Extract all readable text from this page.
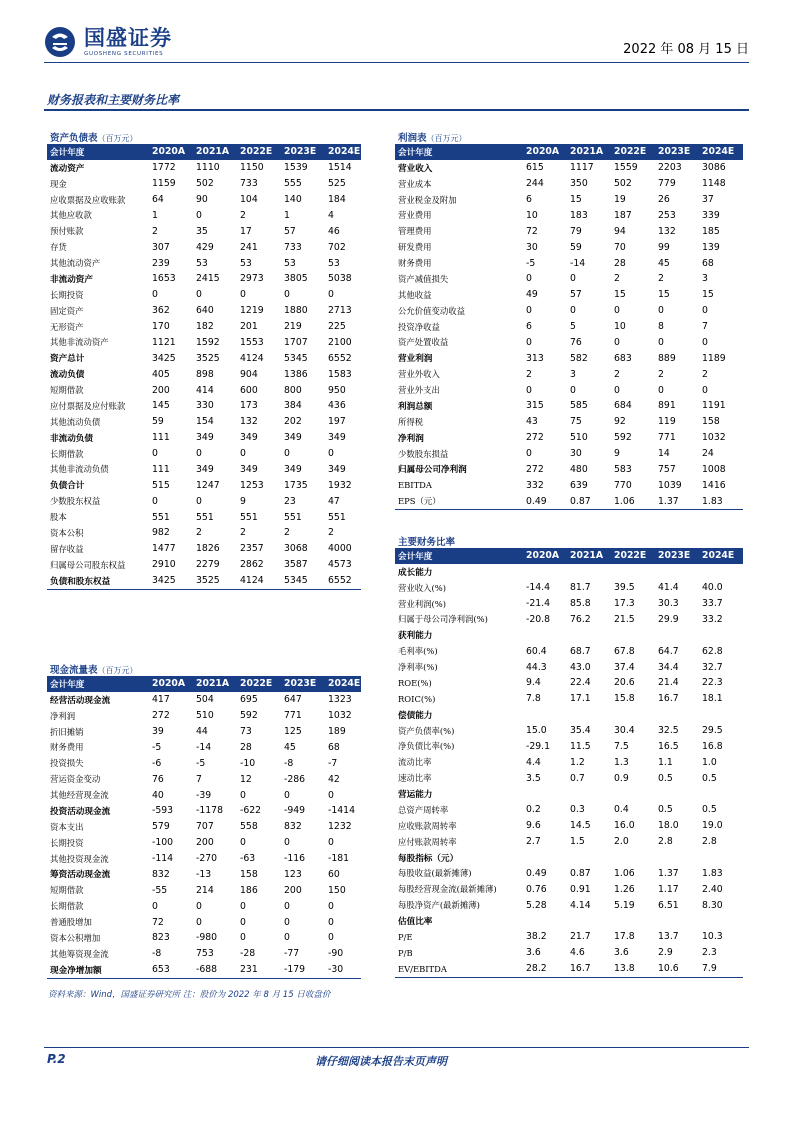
国盛证券
GUOSHENG SECURITIES	2022 年 08 月 15 日
财务报表和主要财务比率
资产负债表（百万元）
会计年度	2020A	2021A	2022E	2023E	2024E
流动资产	1772	1110	1150	1539	1514
现金	1159	502	733	555	525
应收票据及应收账款	64	90	104	140	184
其他应收款	1	0	2	1	4
预付账款	2	35	17	57	46
存货	307	429	241	733	702
其他流动资产	239	53	53	53	53
非流动资产	1653	2415	2973	3805	5038
长期投资	0	0	0	0	0
固定资产	362	640	1219	1880	2713
无形资产	170	182	201	219	225
其他非流动资产	1121	1592	1553	1707	2100
资产总计	3425	3525	4124	5345	6552
流动负债	405	898	904	1386	1583
短期借款	200	414	600	800	950
应付票据及应付账款	145	330	173	384	436
其他流动负债	59	154	132	202	197
非流动负债	111	349	349	349	349
长期借款	0	0	0	0	0
其他非流动负债	111	349	349	349	349
负债合计	515	1247	1253	1735	1932
少数股东权益	0	0	9	23	47
股本	551	551	551	551	551
资本公积	982	2	2	2	2
留存收益	1477	1826	2357	3068	4000
归属母公司股东权益	2910	2279	2862	3587	4573
负债和股东权益	3425	3525	4124	5345	6552
利润表（百万元）
会计年度	2020A	2021A	2022E	2023E	2024E
营业收入	615	1117	1559	2203	3086
营业成本	244	350	502	779	1148
营业税金及附加	6	15	19	26	37
营业费用	10	183	187	253	339
管理费用	72	79	94	132	185
研发费用	30	59	70	99	139
财务费用	-5	-14	28	45	68
资产减值损失	0	0	2	2	3
其他收益	49	57	15	15	15
公允价值变动收益	0	0	0	0	0
投资净收益	6	5	10	8	7
资产处置收益	0	76	0	0	0
营业利润	313	582	683	889	1189
营业外收入	2	3	2	2	2
营业外支出	0	0	0	0	0
利润总额	315	585	684	891	1191
所得税	43	75	92	119	158
净利润	272	510	592	771	1032
少数股东损益	0	30	9	14	24
归属母公司净利润	272	480	583	757	1008
EBITDA	332	639	770	1039	1416
EPS（元）	0.49	0.87	1.06	1.37	1.83
主要财务比率
会计年度	2020A	2021A	2022E	2023E	2024E
成长能力					
营业收入(%)	-14.4	81.7	39.5	41.4	40.0
营业利润(%)	-21.4	85.8	17.3	30.3	33.7
归属于母公司净利润(%)	-20.8	76.2	21.5	29.9	33.2
获利能力					
毛利率(%)	60.4	68.7	67.8	64.7	62.8
净利率(%)	44.3	43.0	37.4	34.4	32.7
ROE(%)	9.4	22.4	20.6	21.4	22.3
ROIC(%)	7.8	17.1	15.8	16.7	18.1
偿债能力					
资产负债率(%)	15.0	35.4	30.4	32.5	29.5
净负债比率(%)	-29.1	11.5	7.5	16.5	16.8
流动比率	4.4	1.2	1.3	1.1	1.0
速动比率	3.5	0.7	0.9	0.5	0.5
营运能力					
总资产周转率	0.2	0.3	0.4	0.5	0.5
应收账款周转率	9.6	14.5	16.0	18.0	19.0
应付账款周转率	2.7	1.5	2.0	2.8	2.8
每股指标（元）					
每股收益(最新摊薄)	0.49	0.87	1.06	1.37	1.83
每股经营现金流(最新摊薄)	0.76	0.91	1.26	1.17	2.40
每股净资产(最新摊薄)	5.28	4.14	5.19	6.51	8.30
估值比率					
P/E	38.2	21.7	17.8	13.7	10.3
P/B	3.6	4.6	3.6	2.9	2.3
EV/EBITDA	28.2	16.7	13.8	10.6	7.9
现金流量表（百万元）
会计年度	2020A	2021A	2022E	2023E	2024E
经营活动现金流	417	504	695	647	1323
净利润	272	510	592	771	1032
折旧摊销	39	44	73	125	189
财务费用	-5	-14	28	45	68
投资损失	-6	-5	-10	-8	-7
营运资金变动	76	7	12	-286	42
其他经营现金流	40	-39	0	0	0
投资活动现金流	-593	-1178	-622	-949	-1414
资本支出	579	707	558	832	1232
长期投资	-100	200	0	0	0
其他投资现金流	-114	-270	-63	-116	-181
筹资活动现金流	832	-13	158	123	60
短期借款	-55	214	186	200	150
长期借款	0	0	0	0	0
普通股增加	72	0	0	0	0
资本公积增加	823	-980	0	0	0
其他筹资现金流	-8	753	-28	-77	-90
现金净增加额	653	-688	231	-179	-30
资料来源：Wind，国盛证券研究所 注：股价为 2022 年 8 月 15 日收盘价
P.2	请仔细阅读本报告末页声明
